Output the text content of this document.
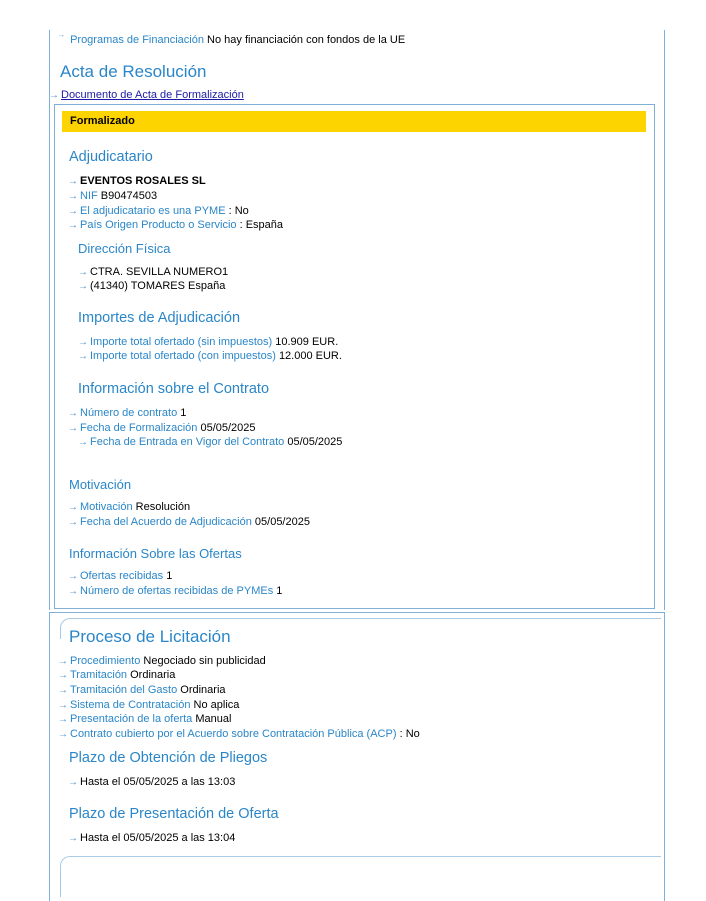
→ Programas de Financiación No hay financiación con fondos de la UE
Acta de Resolución
→ Documento de Acta de Formalización
Formalizado
Adjudicatario
→ EVENTOS ROSALES SL
→ NIF B90474503
→ El adjudicatario es una PYME : No
→ País Origen Producto o Servicio : España
Dirección Física
→ CTRA. SEVILLA NUMERO1
→ (41340) TOMARES España
Importes de Adjudicación
→ Importe total ofertado (sin impuestos) 10.909 EUR.
→ Importe total ofertado (con impuestos) 12.000 EUR.
Información sobre el Contrato
→ Número de contrato 1
→ Fecha de Formalización 05/05/2025
→ Fecha de Entrada en Vigor del Contrato 05/05/2025
Motivación
→ Motivación Resolución
→ Fecha del Acuerdo de Adjudicación 05/05/2025
Información Sobre las Ofertas
→ Ofertas recibidas 1
→ Número de ofertas recibidas de PYMEs 1
Proceso de Licitación
→ Procedimiento Negociado sin publicidad
→ Tramitación Ordinaria
→ Tramitación del Gasto Ordinaria
→ Sistema de Contratación No aplica
→ Presentación de la oferta Manual
→ Contrato cubierto por el Acuerdo sobre Contratación Pública (ACP) : No
Plazo de Obtención de Pliegos
→ Hasta el 05/05/2025 a las 13:03
Plazo de Presentación de Oferta
→ Hasta el 05/05/2025 a las 13:04
